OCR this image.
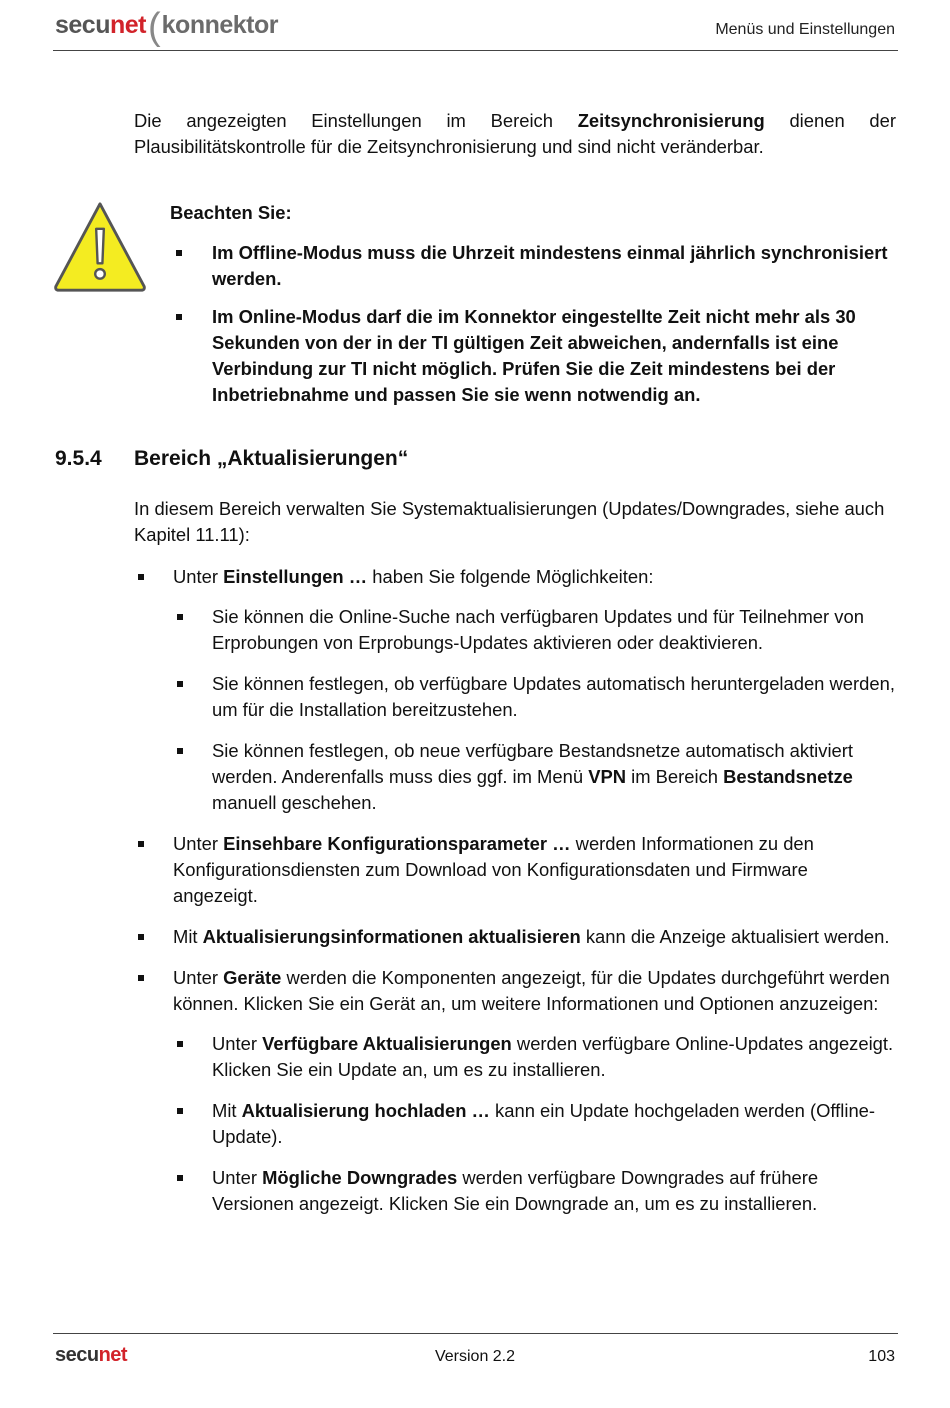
secu net ( konnektor	Menüs und Einstellungen

Die angezeigten Einstellungen im Bereich Zeitsynchronisierung dienen der Plausibilitätskontrolle für die Zeitsynchronisierung und sind nicht veränderbar.

Beachten Sie:

Im Offline-Modus muss die Uhrzeit mindestens einmal jährlich synchronisiert werden.
Im Online-Modus darf die im Konnektor eingestellte Zeit nicht mehr als 30 Sekunden von der in der TI gültigen Zeit abweichen, andernfalls ist eine Verbindung zur TI nicht möglich. Prüfen Sie die Zeit mindestens bei der Inbetriebnahme und passen Sie sie wenn notwendig an.
9.5.4 Bereich „Aktualisierungen“

In diesem Bereich verwalten Sie Systemaktualisierungen (Updates/Downgrades, siehe auch Kapitel 11.11):

Unter Einstellungen … haben Sie folgende Möglichkeiten:
Sie können die Online-Suche nach verfügbaren Updates und für Teilnehmer von Erprobungen von Erprobungs-Updates aktivieren oder deaktivieren.
Sie können festlegen, ob verfügbare Updates automatisch heruntergeladen werden, um für die Installation bereitzustehen.
Sie können festlegen, ob neue verfügbare Bestandsnetze automatisch aktiviert werden. Anderenfalls muss dies ggf. im Menü VPN im Bereich Bestandsnetze manuell geschehen.
Unter Einsehbare Konfigurationsparameter … werden Informationen zu den Konfigurationsdiensten zum Download von Konfigurationsdaten und Firmware angezeigt.
Mit Aktualisierungsinformationen aktualisieren kann die Anzeige aktualisiert werden.
Unter Geräte werden die Komponenten angezeigt, für die Updates durchgeführt werden können. Klicken Sie ein Gerät an, um weitere Informationen und Optionen anzuzeigen:
Unter Verfügbare Aktualisierungen werden verfügbare Online-Updates angezeigt. Klicken Sie ein Update an, um es zu installieren.
Mit Aktualisierung hochladen … kann ein Update hochgeladen werden (Offline-Update).
Unter Mögliche Downgrades werden verfügbare Downgrades auf frühere Versionen angezeigt. Klicken Sie ein Downgrade an, um es zu installieren.
secunet	Version 2.2	103
